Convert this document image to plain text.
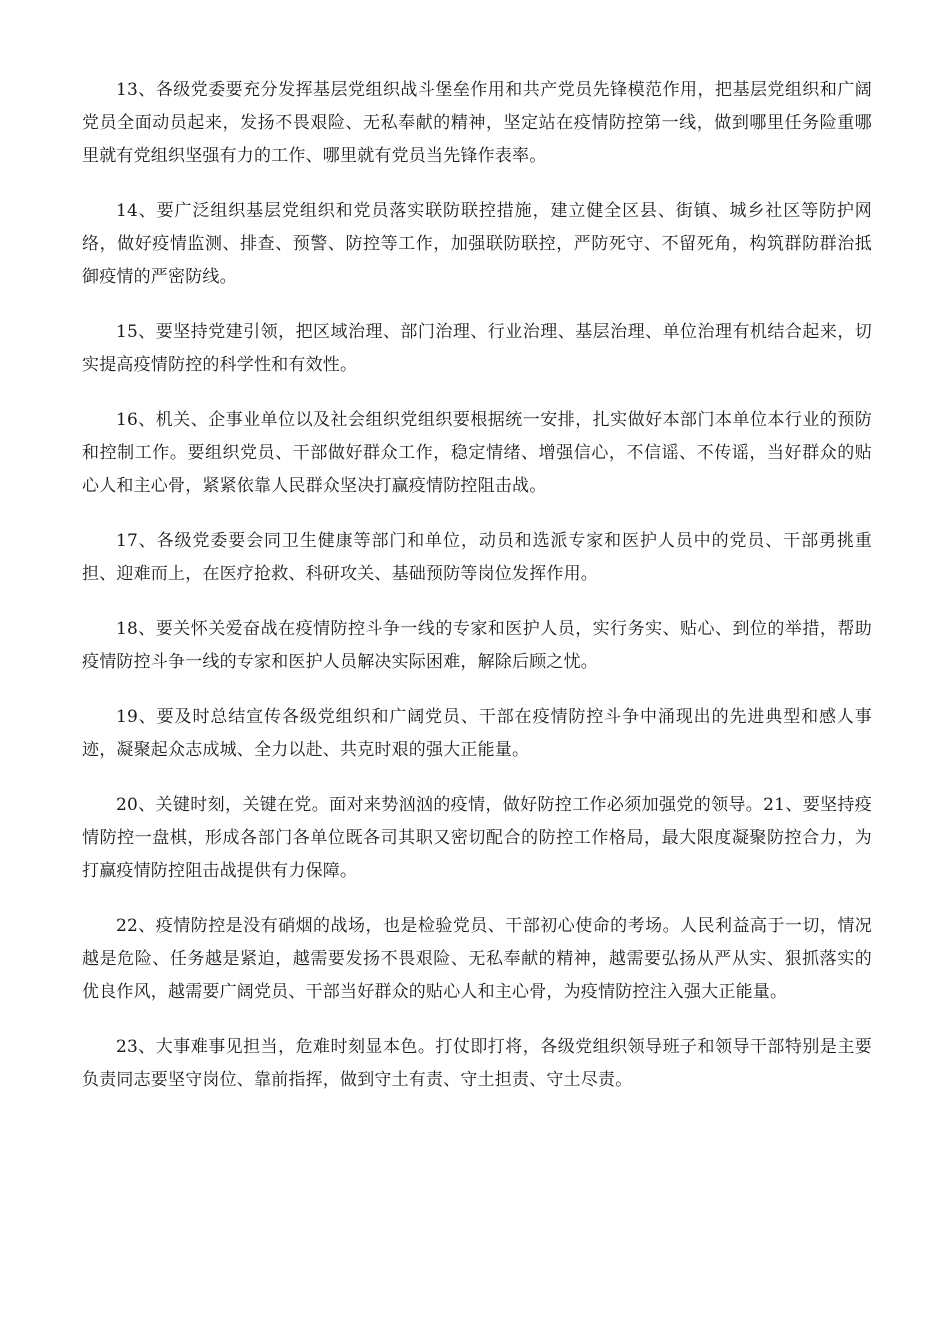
13、各级党委要充分发挥基层党组织战斗堡垒作用和共产党员先锋模范作用，把基层党组织和广阔党员全面动员起来，发扬不畏艰险、无私奉献的精神，坚定站在疫情防控第一线，做到哪里任务险重哪里就有党组织坚强有力的工作、哪里就有党员当先锋作表率。

14、要广泛组织基层党组织和党员落实联防联控措施，建立健全区县、街镇、城乡社区等防护网络，做好疫情监测、排查、预警、防控等工作，加强联防联控，严防死守、不留死角，构筑群防群治抵御疫情的严密防线。

15、要坚持党建引领，把区域治理、部门治理、行业治理、基层治理、单位治理有机结合起来，切实提高疫情防控的科学性和有效性。

16、机关、企事业单位以及社会组织党组织要根据统一安排，扎实做好本部门本单位本行业的预防和控制工作。要组织党员、干部做好群众工作，稳定情绪、增强信心，不信谣、不传谣，当好群众的贴心人和主心骨，紧紧依靠人民群众坚决打赢疫情防控阻击战。

17、各级党委要会同卫生健康等部门和单位，动员和选派专家和医护人员中的党员、干部勇挑重担、迎难而上，在医疗抢救、科研攻关、基础预防等岗位发挥作用。

18、要关怀关爱奋战在疫情防控斗争一线的专家和医护人员，实行务实、贴心、到位的举措，帮助疫情防控斗争一线的专家和医护人员解决实际困难，解除后顾之忧。

19、要及时总结宣传各级党组织和广阔党员、干部在疫情防控斗争中涌现出的先进典型和感人事迹，凝聚起众志成城、全力以赴、共克时艰的强大正能量。

20、关键时刻，关键在党。面对来势汹汹的疫情，做好防控工作必须加强党的领导。21、要坚持疫情防控一盘棋，形成各部门各单位既各司其职又密切配合的防控工作格局，最大限度凝聚防控合力，为打赢疫情防控阻击战提供有力保障。

22、疫情防控是没有硝烟的战场，也是检验党员、干部初心使命的考场。人民利益高于一切，情况越是危险、任务越是紧迫，越需要发扬不畏艰险、无私奉献的精神，越需要弘扬从严从实、狠抓落实的优良作风，越需要广阔党员、干部当好群众的贴心人和主心骨，为疫情防控注入强大正能量。

23、大事难事见担当，危难时刻显本色。打仗即打将，各级党组织领导班子和领导干部特别是主要负责同志要坚守岗位、靠前指挥，做到守土有责、守土担责、守土尽责。
